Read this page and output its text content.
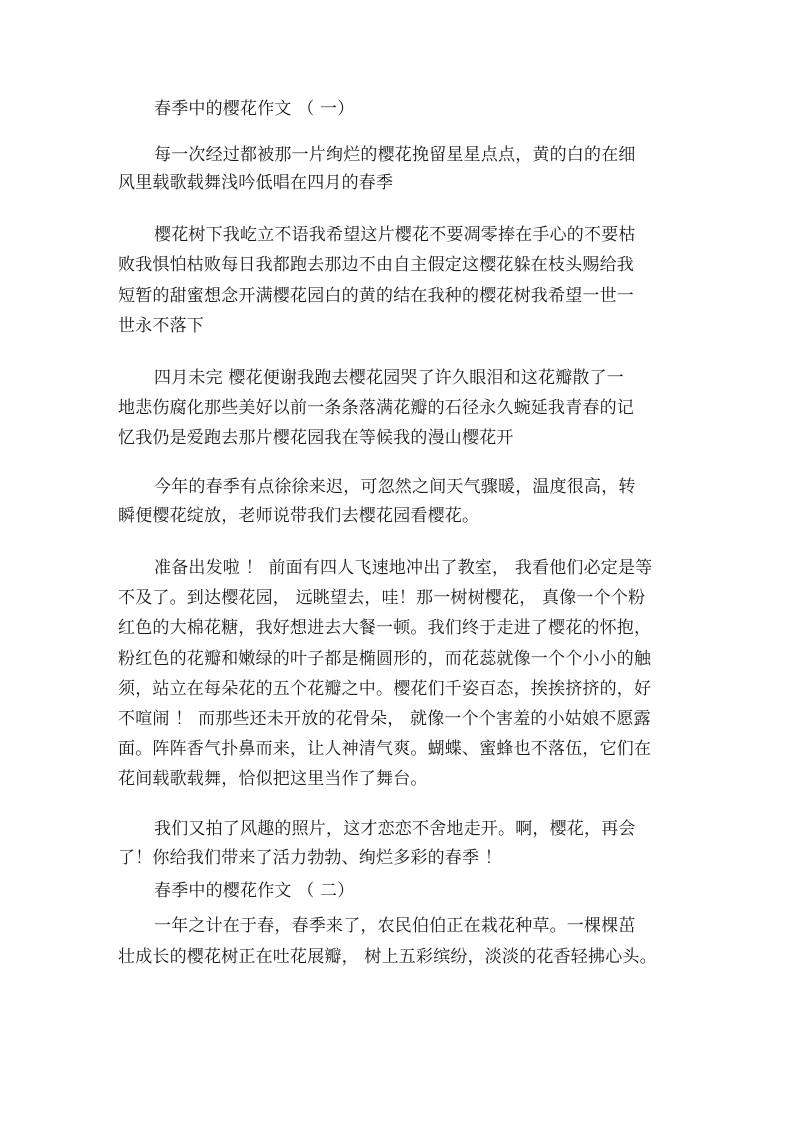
春季中的樱花作文 （ 一）
每一次经过都被那一片绚烂的樱花挽留星星点点，黄的白的在细
风里载歌载舞浅吟低唱在四月的春季
樱花树下我屹立不语我希望这片樱花不要凋零捧在手心的不要枯
败我惧怕枯败每日我都跑去那边不由自主假定这樱花躲在枝头赐给我
短暂的甜蜜想念开满樱花园白的黄的结在我种的樱花树我希望一世一
世永不落下
四月未完 樱花便谢我跑去樱花园哭了许久眼泪和这花瓣散了一
地悲伤腐化那些美好以前一条条落满花瓣的石径永久蜿延我青春的记
忆我仍是爱跑去那片樱花园我在等候我的漫山樱花开
今年的春季有点徐徐来迟，可忽然之间天气骤暖，温度很高，转
瞬便樱花绽放，老师说带我们去樱花园看樱花。
准备出发啦 ！ 前面有四人飞速地冲出了教室， 我看他们必定是等
不及了。到达樱花园， 远眺望去，哇！那一树树樱花， 真像一个个粉
红色的大棉花糖，我好想进去大餐一顿。我们终于走进了樱花的怀抱，
粉红色的花瓣和嫩绿的叶子都是椭圆形的，而花蕊就像一个个小小的触
须，站立在每朵花的五个花瓣之中。樱花们千姿百态，挨挨挤挤的，好
不喧闹 ！ 而那些还未开放的花骨朵， 就像一个个害羞的小姑娘不愿露
面。阵阵香气扑鼻而来，让人神清气爽。蝴蝶、蜜蜂也不落伍，它们在
花间载歌载舞，恰似把这里当作了舞台。
我们又拍了风趣的照片，这才恋恋不舍地走开。啊，樱花，再会
了！你给我们带来了活力勃勃、绚烂多彩的春季 ！
春季中的樱花作文 （ 二）
一年之计在于春，春季来了，农民伯伯正在栽花种草。一棵棵茁
壮成长的樱花树正在吐花展瓣， 树上五彩缤纷，淡淡的花香轻拂心头。
